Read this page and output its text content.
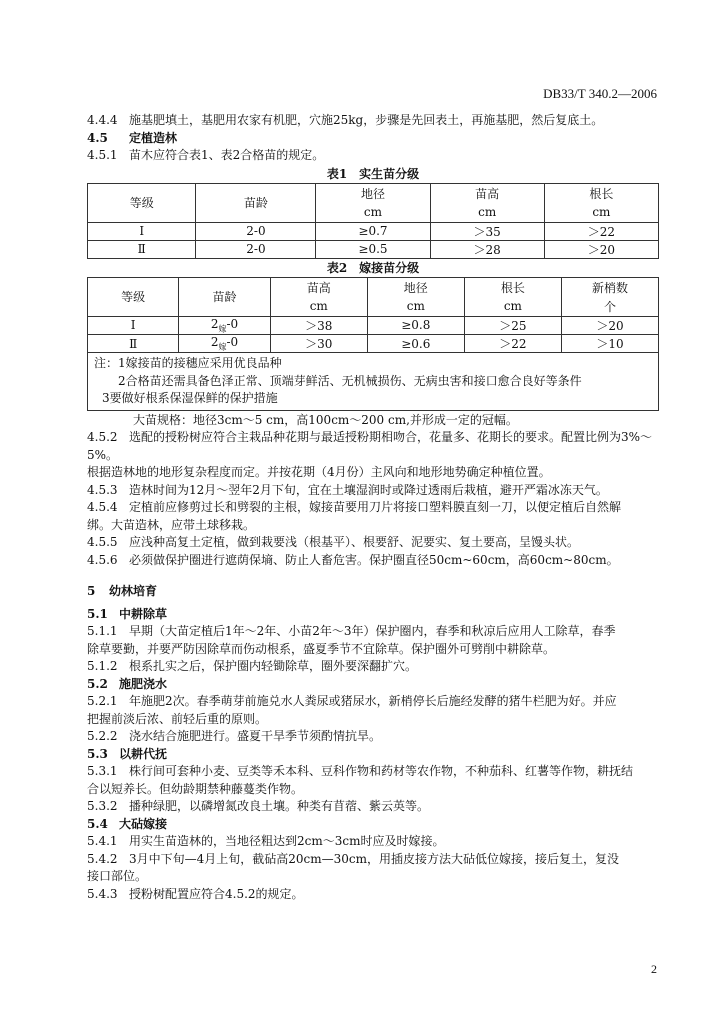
DB33/T 340.2—2006

4.4.4 施基肥填土，基肥用农家有机肥，穴施25kg，步骤是先回表土，再施基肥，然后复底土。

4.5 定植造林

4.5.1 苗木应符合表1、表2合格苗的规定。

表1　实生苗分级
等级	苗龄	地径	苗高	根长
		cm	cm	cm
Ⅰ	2-0	≥0.7	＞35	＞22
Ⅱ	2-0	≥0.5	＞28	＞20
表2　嫁接苗分级
等级	苗龄	苗高	地径	根长	新梢数
		cm	cm	cm	个
Ⅰ	$2_嫁-0$	＞38	≥0.8	＞25	＞20
Ⅱ	$2_嫁-0$	＞30	≥0.6	＞22	＞10

注：1嫁接苗的接穗应采用优良品种
2合格苗还需具备色泽正常、顶端芽鲜活、无机械损伤、无病虫害和接口愈合良好等条件
3要做好根系保湿保鲜的保护措施					

大苗规格：地径3cm～5 cm，高100cm～200 cm,并形成一定的冠幅。

4.5.2 选配的授粉树应符合主栽品种花期与最适授粉期相吻合，花量多、花期长的要求。配置比例为3%～5%。

根据造林地的地形复杂程度而定。并按花期（4月份）主风向和地形地势确定种植位置。

4.5.3 造林时间为12月～翌年2月下旬，宜在土壤湿润时或降过透雨后栽植，避开严霜冰冻天气。

4.5.4 定植前应修剪过长和劈裂的主根，嫁接苗要用刀片将接口塑料膜直刻一刀，以便定植后自然解

绑。大苗造林，应带土球移栽。

4.5.5 应浅种高复土定植，做到栽要浅（根基平）、根要舒、泥要实、复土要高，呈馒头状。

4.5.6 必须做保护圈进行遮荫保墒、防止人畜危害。保护圈直径50cm~60cm，高60cm~80cm。

5 幼林培育

5.1 中耕除草

5.1.1 早期（大苗定植后1年～2年、小苗2年～3年）保护圈内，春季和秋凉后应用人工除草，春季

除草要勤，并要严防因除草而伤动根系，盛夏季节不宜除草。保护圈外可劈削中耕除草。

5.1.2 根系扎实之后，保护圈内轻锄除草，圈外要深翻扩穴。

5.2 施肥浇水

5.2.1 年施肥2次。春季萌芽前施兑水人粪尿或猪尿水，新梢停长后施经发酵的猪牛栏肥为好。并应

把握前淡后浓、前轻后重的原则。

5.2.2 浇水结合施肥进行。盛夏干旱季节须酌情抗旱。

5.3 以耕代抚

5.3.1 株行间可套种小麦、豆类等禾本科、豆科作物和药材等农作物，不种茄科、红薯等作物，耕抚结

合以短养长。但幼龄期禁种藤蔓类作物。

5.3.2 播种绿肥，以磷增氮改良土壤。种类有苜蓿、紫云英等。

5.4 大砧嫁接

5.4.1 用实生苗造林的，当地径粗达到2cm～3cm时应及时嫁接。

5.4.2 3月中下旬—4月上旬，截砧高20cm—30cm，用插皮接方法大砧低位嫁接，接后复土，复没

接口部位。

5.4.3 授粉树配置应符合4.5.2的规定。

2
